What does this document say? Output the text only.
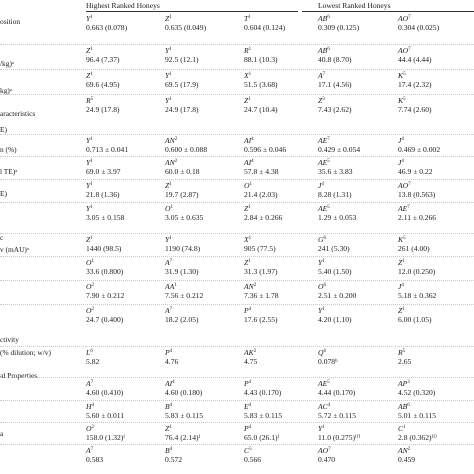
Highest Ranked Honeys	Lowest Ranked Honeys
osition
/kg)ᵃ
kg)ᵃ
aracteristics
E)
n (%)
l TE)ᵃ
E)
c
v (mAU)ᵃ
ctivity
(% dilution; w/v)
al Properties
a
$Y^1$
0.663 (0.078)
$Z^1$
0.635 (0.049)
$T^1$
0.604 (0.124)
$AB^6$
0.309 (0.125)
$AO^7$
0.304 (0.025)
$Z^1$
96.4 (7.37)
$Y^1$
92.5 (12.1)
$R^1$
88.1 (10.3)
$AB^6$
40.8 (8.70)
$AO^7$
44.4 (4.44)
$Z^1$
69.6 (4.95)
$Y^1$
69.5 (17.9)
$X^1$
51.5 (3.68)
$A^7$
17.1 (4.56)
$K^5$
17.4 (2.32)
$R^5$
24.9 (17.8)
$Y^1$
24.9 (17.8)
$Z^1$
24.7 (10.4)
$Z^3$
7.43 (2.62)
$K^5$
7.74 (2.60)
$Y^1$
0.713 ± 0.041
$AN^2$
0.600 ± 0.088
$AI^4$
0.596 ± 0.046
$AE^7$
0.429 ± 0.054
$J^4$
0.469 ± 0.002
$Y^1$
69.0 ± 3.97
$AN^2$
60.0 ± 0.18
$AI^4$
57.8 ± 4.38
$AE^5$
35.6 ± 3.83
$J^4$
46.9 ± 0.22
$Y^1$
21.8 (1.36)
$Z^1$
19.7 (2.87)
$O^1$
21.4 (2.03)
$J^4$
8.28 (1.31)
$AO^7$
13.8 (0.563)
$Y^1$
3.05 ± 0.158
$O^1$
3.05 ± 0.635
$Z^1$
2.84 ± 0.266
$AE^5$
1.29 ± 0.053
$AE^7$
2.11 ± 0.266
$Z^1$
1440 (98.5)
$Y^1$
1190 (74.8)
$X^1$
905 (77.5)
$G^6$
241 (5.30)
$K^5$
261 (4.00)
$O^1$
33.6 (0.800)
$A^7$
31.9 (1.30)
$Z^1$
31.3 (1.97)
$Y^1$
5.40 (1.50)
$Z^1$
12.0 (0.250)
$O^2$
7.90 ± 0.212
$AA^1$
7.56 ± 0.212
$AN^2$
7.36 ± 1.78
$O^6$
2.51 ± 0.200
$J^4$
5.18 ± 0.362
$O^2$
24.7 (0.400)
$A^7$
18.2 (2.05)
$P^4$
17.6 (2.55)
$Y^1$
4.20 (1.10)
$Z^1$
6.00 (1.05)
$L^6$
5.82
$P^4$
4.76
$AK^2$
4.75
$Q^6$
0.078ᵇ
$R^5$
2.65
$A^7$
4.60 (0.410)
$AI^4$
4.60 (0.180)
$P^4$
4.43 (0.170)
$AE^5$
4.44 (0.170)
$AP^3$
4.52 (0.320)
$H^4$
5.60 ± 0.011
$B^4$
5.83 ± 0.115
$E^4$
5.83 ± 0.115
$AC^4$
5.72 ± 0.115
$AB^6$
5.01 ± 0.115
$O^2$
158.0 (1.32)ᶠ
$Z^1$
76.4 (2.14)ᶠ
$P^4$
65.0 (26.1)ᶠ
$Y^1$
11.0 (0.275)⁽ᶠ⁾
$C^1$
2.8 (0.362)⁽ᶠ⁾
$A^7$
0.583
$B^4$
0.572
$C^5$
0.566
$AO^7$
0.470
$AN^2$
0.459
